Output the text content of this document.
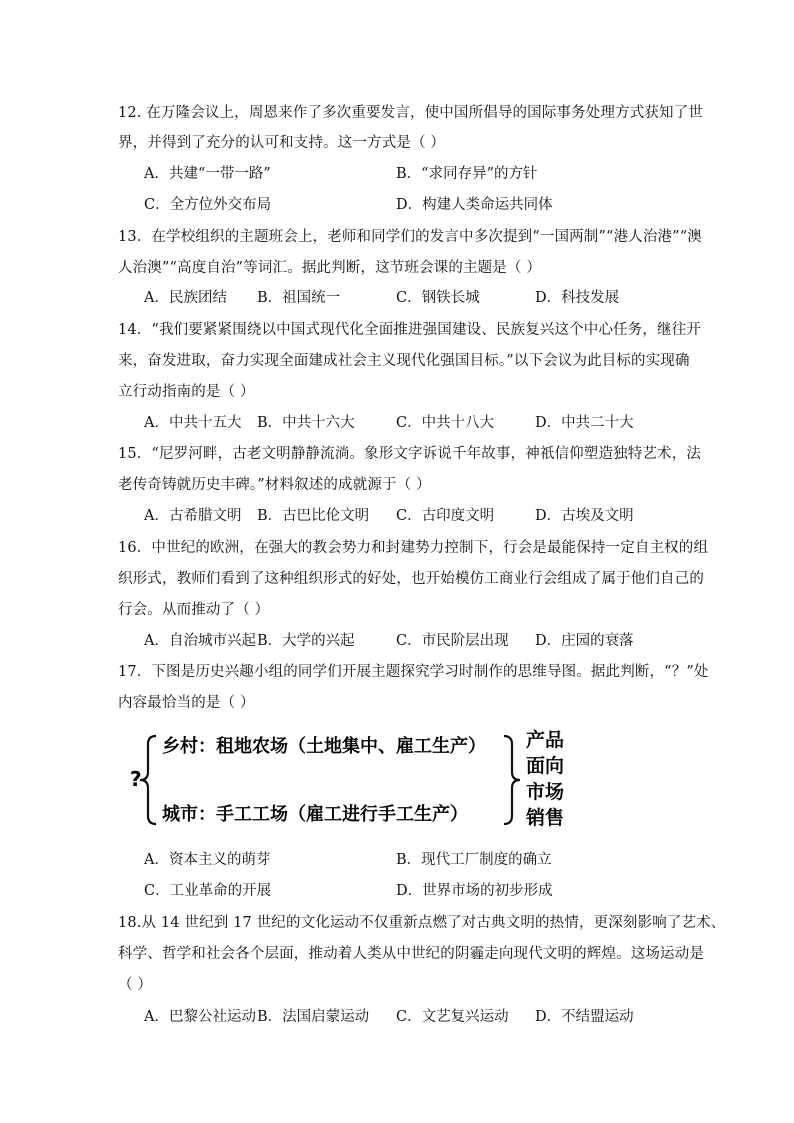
12. 在万隆会议上，周恩来作了多次重要发言，使中国所倡导的国际事务处理方式获知了世
界，并得到了充分的认可和支持。这一方式是（ ）
A．共建“一带一路”	B．“求同存异”的方针
C．全方位外交布局	D．构建人类命运共同体
13．在学校组织的主题班会上，老师和同学们的发言中多次提到“一国两制”“港人治港”“澳
人治澳”“高度自治”等词汇。据此判断，这节班会课的主题是（ ）
A．民族团结 B．祖国统一	C．钢铁长城	D．科技发展
14．“我们要紧紧围绕以中国式现代化全面推进强国建设、民族复兴这个中心任务，继往开
来，奋发进取，奋力实现全面建成社会主义现代化强国目标。”以下会议为此目标的实现确
立行动指南的是（ ）
A．中共十五大 B．中共十六大	C．中共十八大	D．中共二十大
15．“尼罗河畔，古老文明静静流淌。象形文字诉说千年故事，神祇信仰塑造独特艺术，法
老传奇铸就历史丰碑。”材料叙述的成就源于（ ）
A．古希腊文明 B．古巴比伦文明 C．古印度文明	D．古埃及文明
16．中世纪的欧洲，在强大的教会势力和封建势力控制下，行会是最能保持一定自主权的组
织形式，教师们看到了这种组织形式的好处，也开始模仿工商业行会组成了属于他们自己的
行会。从而推动了（ ）
A．自治城市兴起 B．大学的兴起	C．市民阶层出现 D．庄园的衰落
17．下图是历史兴趣小组的同学们开展主题探究学习时制作的思维导图。据此判断，“？”处
内容最恰当的是（ ）
?
乡村：租地农场（土地集中、雇工生产）
城市：手工工场（雇工进行手工生产）
产品
面向
市场
销售
A．资本主义的萌芽	B．现代工厂制度的确立
C．工业革命的开展	D．世界市场的初步形成
18.从 14 世纪到 17 世纪的文化运动不仅重新点燃了对古典文明的热情，更深刻影响了艺术、
科学、哲学和社会各个层面，推动着人类从中世纪的阴霾走向现代文明的辉煌。这场运动是
（ ）
A．巴黎公社运动 B．法国启蒙运动 C．文艺复兴运动 D．不结盟运动
